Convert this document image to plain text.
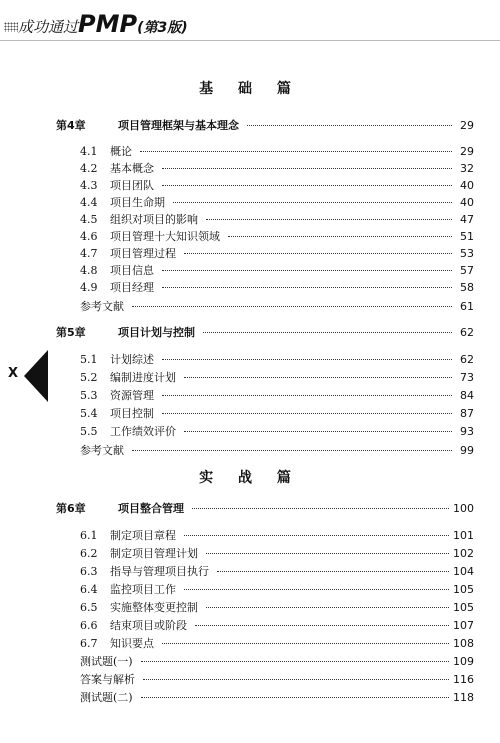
成功通过PMP(第3版)
基 础 篇
第4章	项目管理框架与基本理念	29
4.1	概论	29
4.2	基本概念	32
4.3	项目团队	40
4.4	项目生命期	40
4.5	组织对项目的影响	47
4.6	项目管理十大知识领域	51
4.7	项目管理过程	53
4.8	项目信息	57
4.9	项目经理	58
参考文献	61
第5章	项目计划与控制	62
5.1	计划综述	62
5.2	编制进度计划	73
5.3	资源管理	84
5.4	项目控制	87
5.5	工作绩效评价	93
参考文献	99
实 战 篇
第6章	项目整合管理	100
6.1	制定项目章程	101
6.2	制定项目管理计划	102
6.3	指导与管理项目执行	104
6.4	监控项目工作	105
6.5	实施整体变更控制	105
6.6	结束项目或阶段	107
6.7	知识要点	108
测试题(一)	109
答案与解析	116
测试题(二)	118
X
